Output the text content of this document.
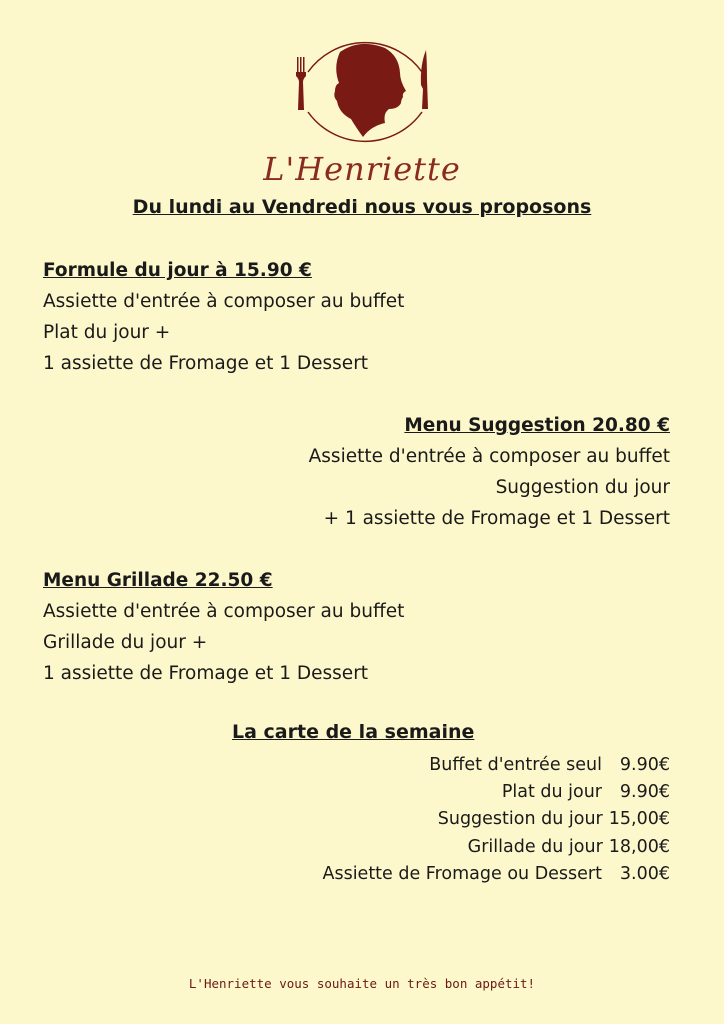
L'Henriette
Du lundi au Vendredi nous vous proposons
Formule du jour à 15.90 €
Assiette d'entrée à composer au buffet
Plat du jour +
1 assiette de Fromage et 1 Dessert
Menu Suggestion 20.80 €
Assiette d'entrée à composer au buffet
Suggestion du jour
+ 1 assiette de Fromage et 1 Dessert
Menu Grillade 22.50 €
Assiette d'entrée à composer au buffet
Grillade du jour +
1 assiette de Fromage et 1 Dessert
La carte de la semaine
Buffet d'entrée seul	9.90€
Plat du jour	9.90€
Suggestion du jour 15,00€
Grillade du jour 18,00€
Assiette de Fromage ou Dessert	3.00€
L'Henriette vous souhaite un très bon appétit!
